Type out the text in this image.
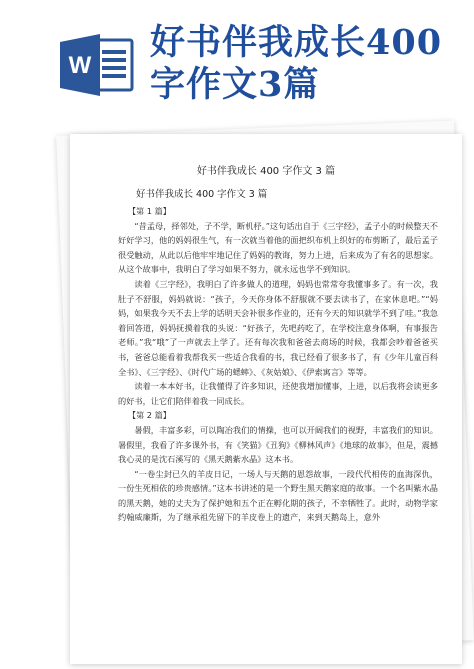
W
好书伴我成长400字作文3篇
好书伴我成长 400 字作文 3 篇
好书伴我成长 400 字作文 3 篇

【第 1 篇】

“昔孟母，择邻处，子不学，断机杼。”这句话出自于《三字经》，孟子小的时候整天不好好学习，他的妈妈很生气，有一次就当着他的面把织布机上织好的布剪断了，最后孟子很受触动，从此以后他牢牢地记住了妈妈的教诲，努力上进，后来成为了有名的思想家。从这个故事中，我明白了学习如果不努力，就永远也学不到知识。

读着《三字经》，我明白了许多做人的道理，妈妈也常常夸我懂事多了。有一次，我肚子不舒服，妈妈就说：“孩子，今天你身体不舒服就不要去读书了，在家休息吧。”“妈妈，如果我今天不去上学的话明天会补很多作业的，还有今天的知识就学不到了哇。”我急着回答道，妈妈抚摸着我的头说：“好孩子，先吧药吃了，在学校注意身体啊，有事报告老师。”我“哦”了一声就去上学了。还有每次我和爸爸去商场的时候，我都会吵着爸爸买书，爸爸总能看着我帮我买一些适合我看的书，我已经看了很多书了，有《少年儿童百科全书》、《三字经》、《时代广场的蟋蟀》、《灰姑娘》、《伊索寓言》等等。

读着一本本好书，让我懂得了许多知识，还使我增加懂事，上进，以后我将会读更多的好书，让它们陪伴着我一同成长。

【第 2 篇】

暑假，丰富多彩，可以陶冶我们的情操，也可以开阔我们的视野，丰富我们的知识。暑假里，我看了许多课外书，有《笑猫》《丑狗》《柳林风声》《地球的故事》，但是，震撼我心灵的是沈石溪写的《黑天鹅紫水晶》这本书。

“一卷尘封已久的羊皮日记，一场人与天鹅的恩怨故事，一段代代相传的血海深仇，一份生死相依的珍贵感情。”这本书讲述的是一个野生黑天鹅家庭的故事。一个名叫紫水晶的黑天鹅，她的丈夫为了保护她和五个正在孵化期的孩子，不幸牺牲了。此时，动物学家约翰威廉斯，为了继承祖先留下的羊皮卷上的遗产，来到天鹅岛上，意外
